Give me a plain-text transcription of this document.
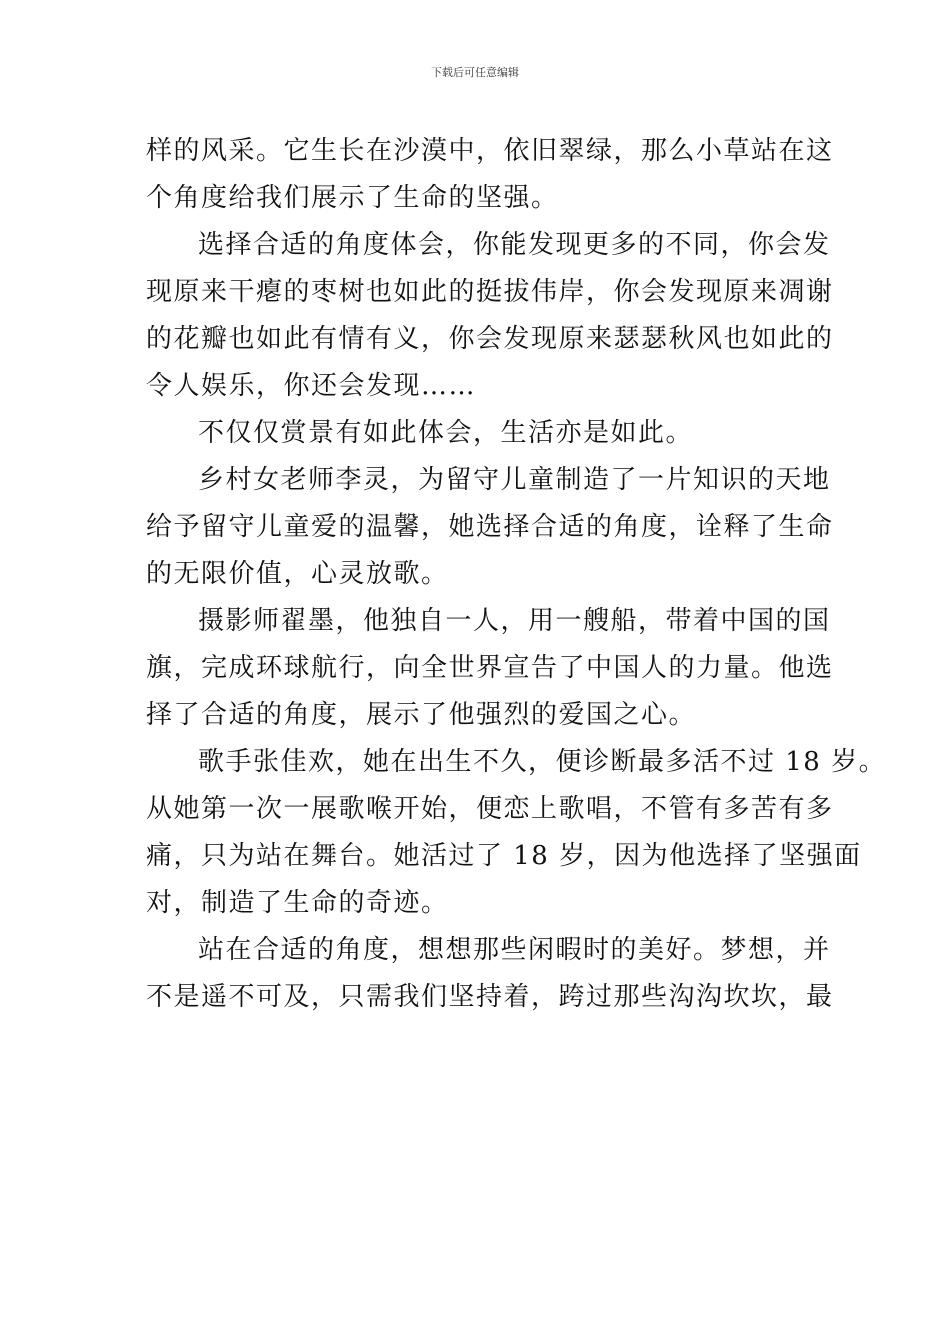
下载后可任意编辑
样的风采。它生长在沙漠中，依旧翠绿，那么小草站在这
个角度给我们展示了生命的坚强。
选择合适的角度体会，你能发现更多的不同，你会发
现原来干瘪的枣树也如此的挺拔伟岸，你会发现原来凋谢
的花瓣也如此有情有义，你会发现原来瑟瑟秋风也如此的
令人娱乐，你还会发现……
不仅仅赏景有如此体会，生活亦是如此。
乡村女老师李灵，为留守儿童制造了一片知识的天地
给予留守儿童爱的温馨，她选择合适的角度，诠释了生命
的无限价值，心灵放歌。
摄影师翟墨，他独自一人，用一艘船，带着中国的国
旗，完成环球航行，向全世界宣告了中国人的力量。他选
择了合适的角度，展示了他强烈的爱国之心。
歌手张佳欢，她在出生不久，便诊断最多活不过 18 岁。
从她第一次一展歌喉开始，便恋上歌唱，不管有多苦有多
痛，只为站在舞台。她活过了 18 岁，因为他选择了坚强面
对，制造了生命的奇迹。
站在合适的角度，想想那些闲暇时的美好。梦想，并
不是遥不可及，只需我们坚持着，跨过那些沟沟坎坎，最
